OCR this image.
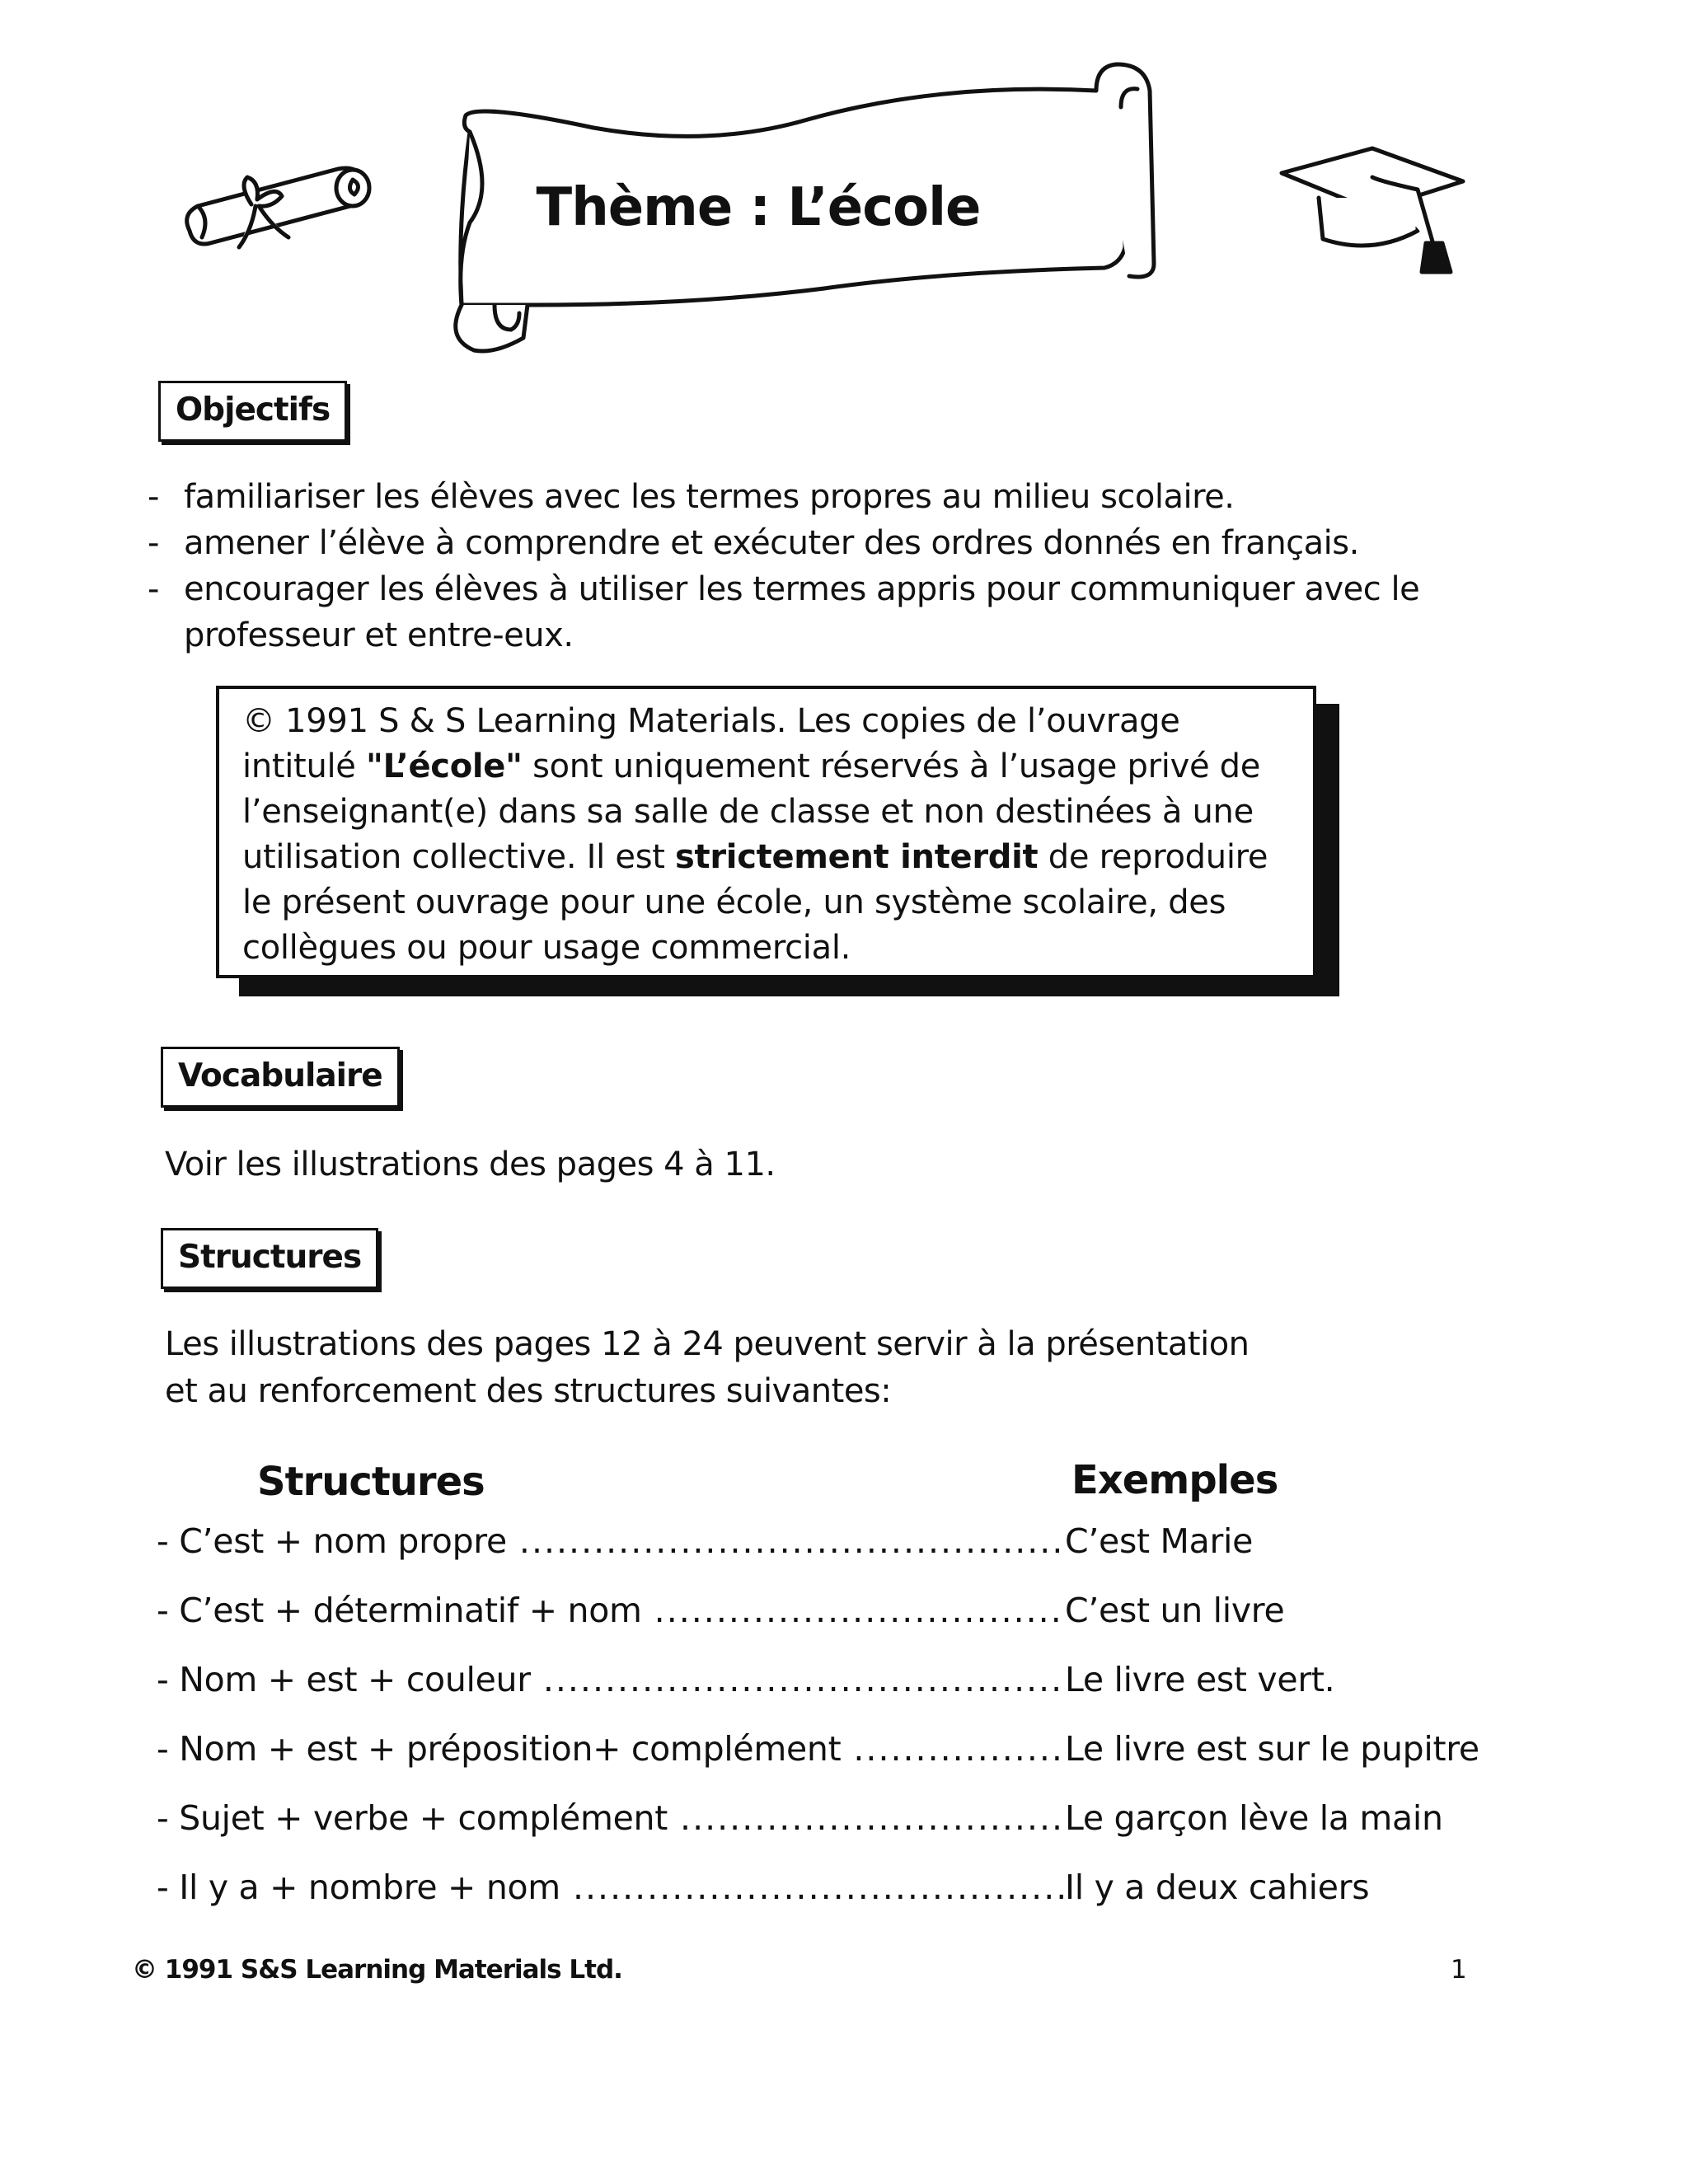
Thème : L’école
Objectifs
- familiariser les élèves avec les termes propres au milieu scolaire.
- amener l’élève à comprendre et exécuter des ordres donnés en français.
- encourager les élèves à utiliser les termes appris pour communiquer avec le professeur et entre-eux.
© 1991 S & S Learning Materials. Les copies de l’ouvrage intitulé "L’école" sont uniquement réservés à l’usage privé de l’enseignant(e) dans sa salle de classe et non destinées à une utilisation collective. Il est strictement interdit de reproduire le présent ouvrage pour une école, un système scolaire, des collègues ou pour usage commercial.
Vocabulaire
Voir les illustrations des pages 4 à 11.
Structures
Les illustrations des pages 12 à 24 peuvent servir à la présentation
et au renforcement des structures suivantes:
Structures	Exemples
- C’est + nom propre .....	C’est Marie
- C’est + déterminatif + nom .....	C’est un livre
- Nom + est + couleur .....	Le livre est vert.
- Nom + est + préposition+ complément .....	Le livre est sur le pupitre
- Sujet + verbe + complément .....	Le garçon lève la main
- Il y a + nombre + nom .....	Il y a deux cahiers
© 1991 S&S Learning Materials Ltd.	1
